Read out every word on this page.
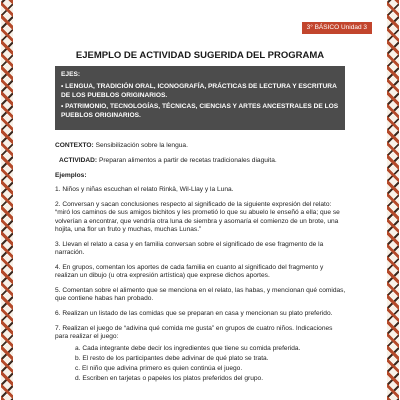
3° BÁSICO Unidad 3
EJEMPLO DE ACTIVIDAD SUGERIDA DEL PROGRAMA

EJES:

• LENGUA, TRADICIÓN ORAL, ICONOGRAFÍA, PRÁCTICAS DE LECTURA Y ESCRITURA DE LOS PUEBLOS ORIGINARIOS.

• PATRIMONIO, TECNOLOGÍAS, TÉCNICAS, CIENCIAS Y ARTES ANCESTRALES DE LOS PUEBLOS ORIGINARIOS.

CONTEXTO: Sensibilización sobre la lengua.

ACTIVIDAD: Preparan alimentos a partir de recetas tradicionales diaguita.

Ejemplos:

1. Niños y niñas escuchan el relato Rinkä, Wil-Llay y la Luna.

2. Conversan y sacan conclusiones respecto al significado de la siguiente expresión del relato: “miró los caminos de sus amigos bichitos y les prometió lo que su abuelo le enseñó a ella; que se volverían a encontrar, que vendría otra luna de siembra y asomaría el comienzo de un brote, una hojita, una flor un fruto y muchas, muchas Lunas.”

3. Llevan el relato a casa y en familia conversan sobre el significado de ese fragmento de la narración.

4. En grupos, comentan los aportes de cada familia en cuanto al significado del fragmento y realizan un dibujo (u otra expresión artística) que exprese dichos aportes.

5. Comentan sobre el alimento que se menciona en el relato, las habas, y mencionan qué comidas, que contiene habas han probado.

6. Realizan un listado de las comidas que se preparan en casa y mencionan su plato preferido.

7. Realizan el juego de “adivina qué comida me gusta” en grupos de cuatro niños. Indicaciones para realizar el juego:

a. Cada integrante debe decir los ingredientes que tiene su comida preferida.
b. El resto de los participantes debe adivinar de qué plato se trata.
c. El niño que adivina primero es quien continúa el juego.
d. Escriben en tarjetas o papeles los platos preferidos del grupo.
